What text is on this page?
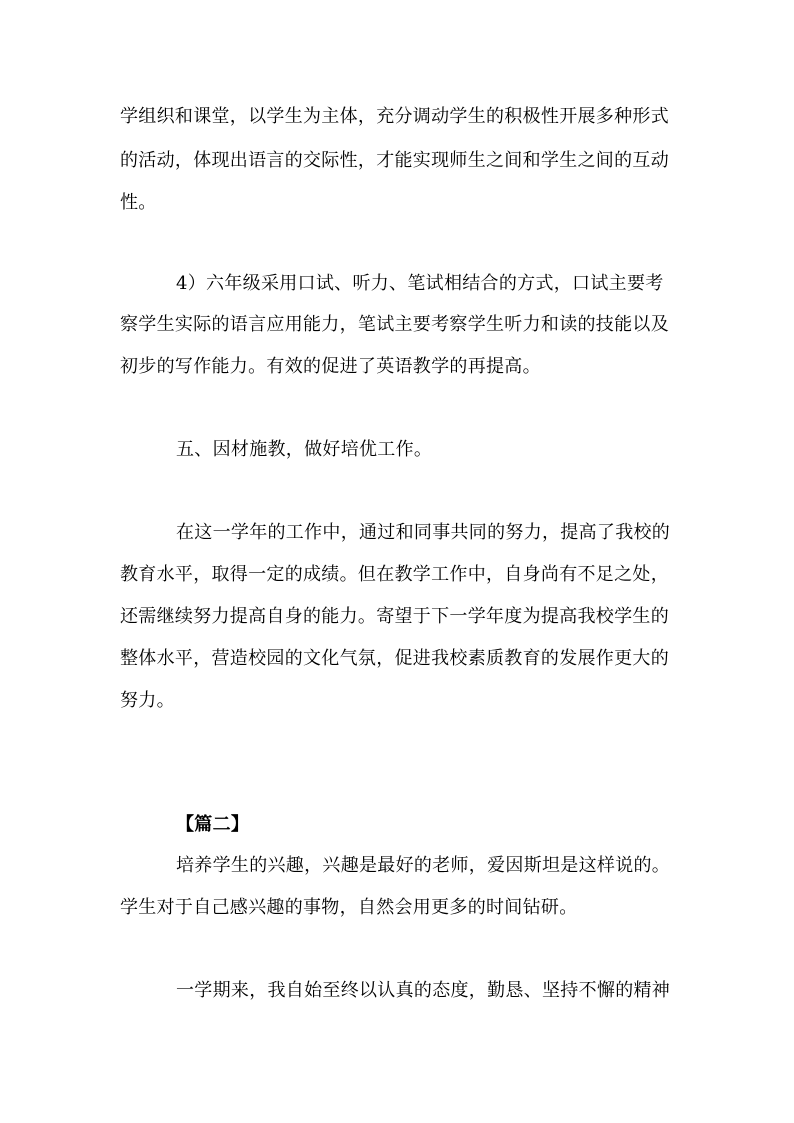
学组织和课堂，以学生为主体，充分调动学生的积极性开展多种形式
的活动，体现出语言的交际性，才能实现师生之间和学生之间的互动
性。
4）六年级采用口试、听力、笔试相结合的方式，口试主要考
察学生实际的语言应用能力，笔试主要考察学生听力和读的技能以及
初步的写作能力。有效的促进了英语教学的再提高。
五、因材施教，做好培优工作。
在这一学年的工作中，通过和同事共同的努力，提高了我校的
教育水平，取得一定的成绩。但在教学工作中，自身尚有不足之处，
还需继续努力提高自身的能力。寄望于下一学年度为提高我校学生的
整体水平，营造校园的文化气氛，促进我校素质教育的发展作更大的
努力。
【篇二】
培养学生的兴趣，兴趣是最好的老师，爱因斯坦是这样说的。
学生对于自己感兴趣的事物，自然会用更多的时间钻研。
一学期来，我自始至终以认真的态度，勤恳、坚持不懈的精神
